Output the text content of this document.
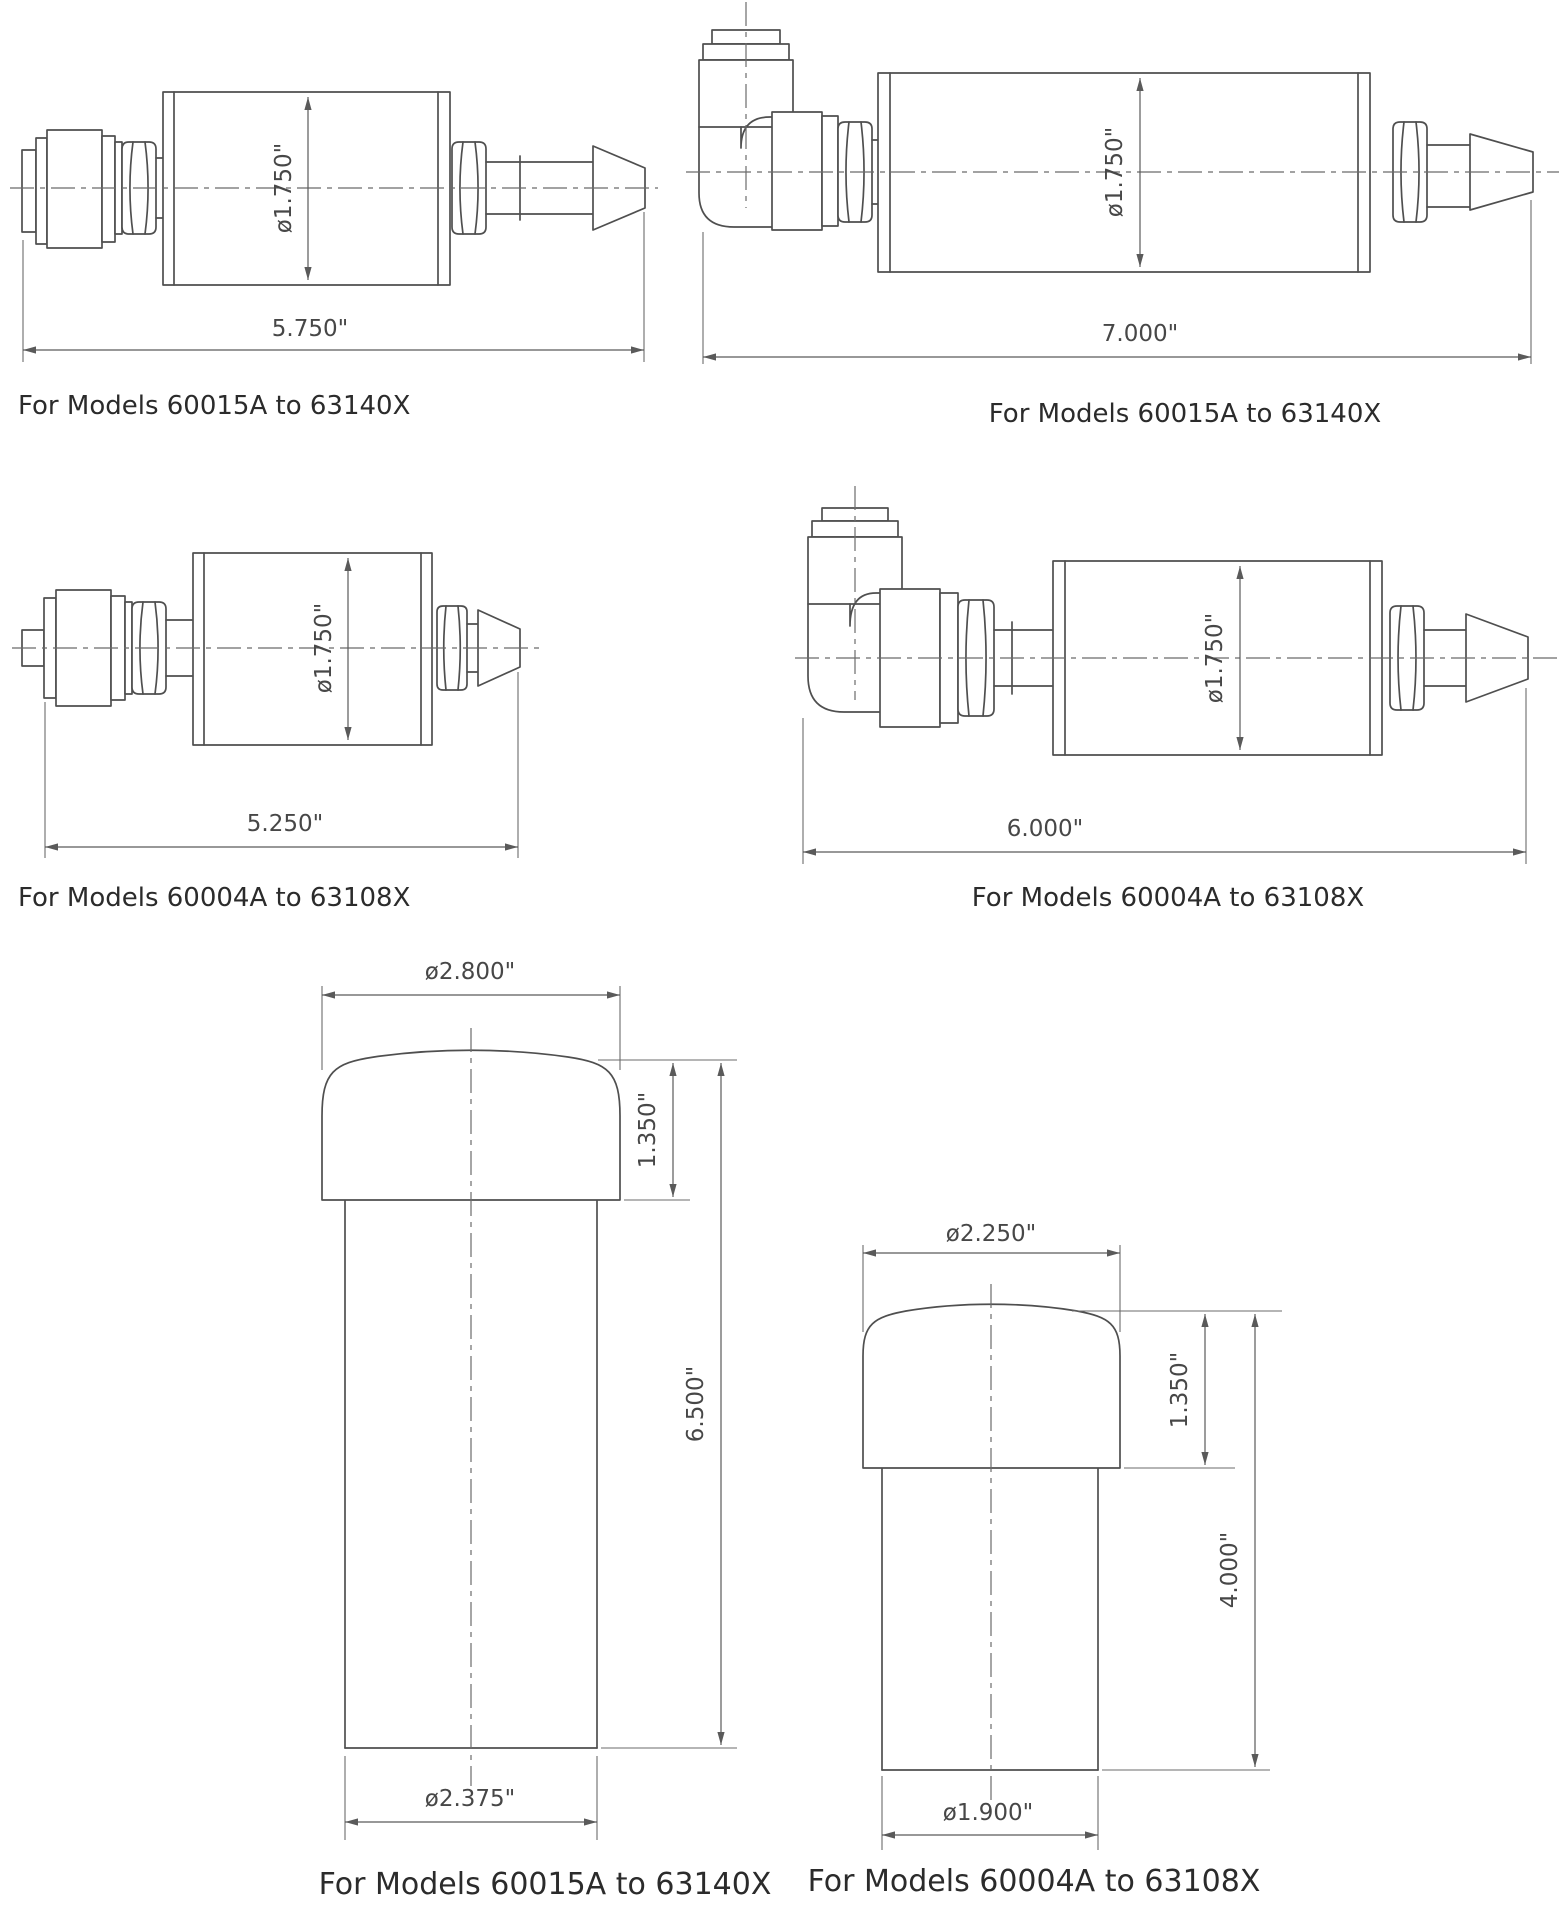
ø1.750"
5.750"
For Models 60015A to 63140X
ø1.750"
7.000"
For Models 60015A to 63140X
ø1.750"
5.250"
For Models 60004A to 63108X
ø1.750"
6.000"
For Models 60004A to 63108X
ø2.800"
1.350"
6.500"
ø2.375"
For Models 60015A to 63140X
ø2.250"
1.350"
4.000"
ø1.900"
For Models 60004A to 63108X
